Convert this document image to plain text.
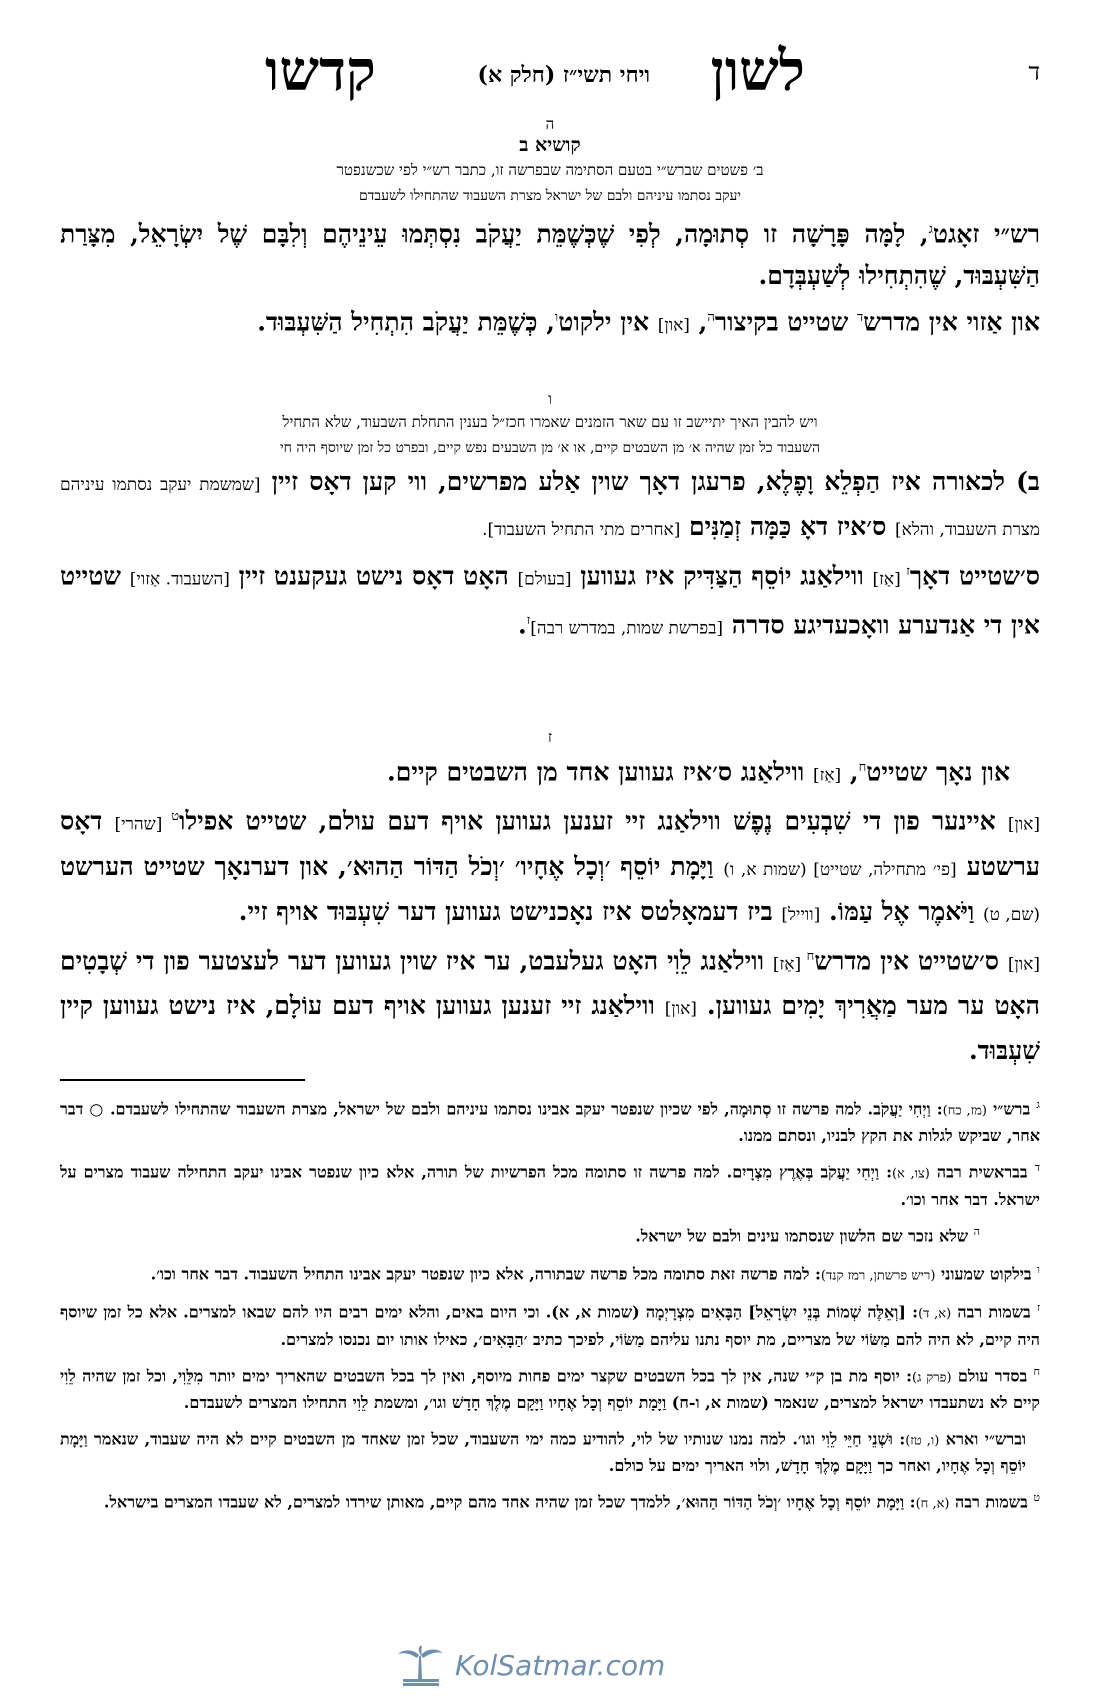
ד
לשון
ויחי תשי״ז (חלק א)
קדשו
ה
קושיא ב
ב׳ פשטים שברש״י בטעם הסתימה שבפרשה זו, כתבר רש״י לפי שכשנפטר
יעקב נסתמו עיניהם ולבם של ישראל מצרת השעבוד שהתחילו לשעבדם

רש״י זאָגט$^ג$, לָמָּה פָּרָשָׁה זו סְתוּמָה, לְפִי שֶׁכְּשֶׁמֵּת יַעֲקֹב נִסְתְּמוּ עֵינֵיהֶם וְלִבָּם שֶׁל יִשְׂרָאֵל, מִצָּרַת הַשִּׁעְבּוּד, שֶׁהִתְחִילוּ לְשַׁעְבְּדָם.

און אַזוי אין מדרש$^ד$ שטייט בקיצור$^ה$, [און] אין ילקוט$^ו$, כְּשֶׁמֵּת יַעֲקֹב הִתְחִיל הַשִּׁעְבּוּד.

ו
ויש להבין האיך יתיישב זו עם שאר הזמנים שאמרו חכז״ל בענין התחלת השבעוד, שלא התחיל
השעבוד כל זמן שהיה א׳ מן השבטים קיים, או א׳ מן השבעים נפש קיים, ובפרט כל זמן שיוסף היה חי

ב) לכאורה איז הַפְלֵא וָפֶלֶא, פרעגן דאָך שוין אַלע מפרשים, ווי קען דאָס זיין [שמשמת יעקב נסתמו עיניהם מצרת השעבוד, והלא] ס׳איז דאָ כַּמָּה זְמַנִּים [אחרים מתי התחיל השעבוד].

ס׳שטייט דאָך$^ז$ [אַז] ווילאַנג יוֹסֵף הַצַּדִּיק איז געווען [בעולם] האָט דאָס נישט געקענט זיין [השעבוד. אַזוי] שטייט אין די אַנדערע וואָכעדיגע סדרה [בפרשת שמות, במדרש רבה]$^ז$.

ז

און נאָך שטייט$^ח$, [אַז] ווילאַנג ס׳איז געווען אחד מן השבטים קיים.

[און] איינער פון די שִׁבְעִים נֶפֶשׁ ווילאַנג זיי זענען געווען אויף דעם עולם, שטייט אפילו$^ט$ [שהרי] דאָס ערשטע [פי׳ מתחילה, שטייט] (שמות א, ו) וַיָּמָת יוֹסֵף ׳וְכָל אֶחָיו׳ ׳וְכֹל הַדּוֹר הַהוּא׳, און דערנאָך שטייט הערשט (שם, ט) וַיֹּאמֶר אֶל עַמּוֹ. [ווייל] ביז דעמאָלטס איז נאָכנישט געווען דער שִׁעְבּוּד אויף זיי.

[און] ס׳שטייט אין מדרש$^ח$ [אַז] ווילאַנג לֵוִי האָט געלעבט, ער איז שוין געווען דער לעצטער פון די שְׁבָטִים האָט ער מער מַאֲרִיךְ יָמִים געווען. [און] ווילאַנג זיי זענען געווען אויף דעם עוֹלָם, איז נישט געווען קיין שִׁעְבּוּד.

$^ג$ ברש״י (מז, כח): וַיְחִי יַעֲקֹב. למה פרשה זו סְתוּמָה, לפי שכיון שנפטר יעקב אבינו נסתמו עיניהם ולבם של ישראל, מצרת השעבוד שהתחילו לשעבדם. ○ דבר אחר, שביקש לגלות את הקץ לבניו, ונסתם ממנו.

$^ד$ בבראשית רבה (צו, א): וַיְחִי יַעֲקֹב בְּאֶרֶץ מִצְרָיִם. למה פרשה זו סתומה מכל הפרשיות של תורה, אלא כיון שנפטר אבינו יעקב התחילה שעבוד מצרים על ישראל. דבר אחר וכו׳.

$^ה$ שלא נזכר שם הלשון שנסתמו עינים ולבם של ישראל.

$^ו$ בילקוט שמעוני (ריש פרשתן, רמז קנד): למה פרשה זאת סתומה מכל פרשה שבתורה, אלא כיון שנפטר יעקב אבינו התחיל השעבוד. דבר אחר וכו׳.

$^ז$ בשמות רבה (א, ד): [וְאֵלֶּה שְׁמוֹת בְּנֵי יִשְׂרָאֵל] הַבָּאִים מִצְרָיְמָה (שמות א, א). וכי היום באים, והלא ימים רבים היו להם שבאו למצרים. אלא כל זמן שיוסף היה קיים, לא היה להם מַשּׂוֹי של מצריים, מת יוסף נתנו עליהם מַשּׂוֹי, לפיכך כתיב ׳הַבָּאִים׳, כאילו אותו יום נכנסו למצרים.

$^ח$ בסדר עולם (פרק ג): יוסף מת בן ק״י שנה, אין לך בכל השבטים שקצר ימים פחות מיוסף, ואין לך בכל השבטים שהאריך ימים יותר מִלֵּוִי, וכל זמן שהיה לֵוִי קיים לא נשתעבדו ישראל למצרים, שנאמר (שמות א, ו-ח) וַיָּמָת יוֹסֵף וְכָל אֶחָיו וַיָּקָם מֶלֶךְ חָדָשׁ וגו׳, ומשמת לֵוִי התחילו המצרים לשעבדם.

וברש״י וארא (ו, טז): וּשְׁנֵי חַיֵּי לֵוִי וגו׳. למה נמנו שנותיו של לוי, להודיע כמה ימי השעבוד, שכל זמן שאחד מן השבטים קיים לא היה שעבוד, שנאמר וַיָּמָת יוֹסֵף וְכָל אֶחָיו, ואחר כך וַיָּקָם מֶלֶךְ חָדָשׁ, ולוי האריך ימים על כולם.

$^ט$ בשמות רבה (א, ח): וַיָּמָת יוֹסֵף וְכָל אֶחָיו ׳וְכֹל הַדּוֹר הַהוּא׳, ללמדך שכל זמן שהיה אחד מהם קיים, מאותן שירדו למצרים, לא שעבדו המצרים בישראל.

KolSatmar.com
